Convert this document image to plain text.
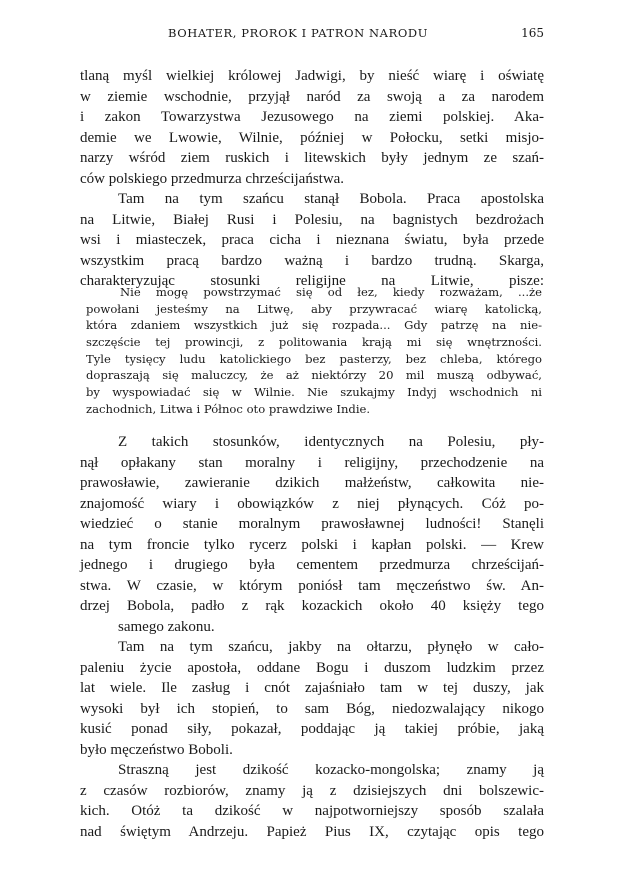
BOHATER, PROROK I PATRON NARODU	165
tlaną myśl wielkiej królowej Jadwigi, by nieść wiarę i oświatę
w ziemie wschodnie, przyjął naród za swoją a za narodem
i zakon Towarzystwa Jezusowego na ziemi polskiej. Aka-
demie we Lwowie, Wilnie, później w Połocku, setki misjo-
narzy wśród ziem ruskich i litewskich były jednym ze szań-
ców polskiego przedmurza chrześcijaństwa.
Tam na tym szańcu stanął Bobola. Praca apostolska
na Litwie, Białej Rusi i Polesiu, na bagnistych bezdrożach
wsi i miasteczek, praca cicha i nieznana światu, była przede
wszystkim pracą bardzo ważną i bardzo trudną. Skarga,
charakteryzując stosunki religijne na Litwie, pisze:
Nie mogę powstrzymać się od łez, kiedy rozważam, ...że
powołani jesteśmy na Litwę, aby przywracać wiarę katolicką,
która zdaniem wszystkich już się rozpada... Gdy patrzę na nie-
szczęście tej prowincji, z politowania krają mi się wnętrzności.
Tyle tysięcy ludu katolickiego bez pasterzy, bez chleba, którego
dopraszają się maluczcy, że aż niektórzy 20 mil muszą odbywać,
by wyspowiadać się w Wilnie. Nie szukajmy Indyj wschodnich ni
zachodnich, Litwa i Północ oto prawdziwe Indie.
Z takich stosunków, identycznych na Polesiu, pły-
nął opłakany stan moralny i religijny, przechodzenie na
prawosławie, zawieranie dzikich małżeństw, całkowita nie-
znajomość wiary i obowiązków z niej płynących. Cóż po-
wiedzieć o stanie moralnym prawosławnej ludności! Stanęli
na tym froncie tylko rycerz polski i kapłan polski. — Krew
jednego i drugiego była cementem przedmurza chrześcijań-
stwa. W czasie, w którym poniósł tam męczeństwo św. An-
drzej Bobola, padło z rąk kozackich około 40 księży tego
samego zakonu.
Tam na tym szańcu, jakby na ołtarzu, płynęło w cało-
paleniu życie apostoła, oddane Bogu i duszom ludzkim przez
lat wiele. Ile zasług i cnót zajaśniało tam w tej duszy, jak
wysoki był ich stopień, to sam Bóg, niedozwalający nikogo
kusić ponad siły, pokazał, poddając ją takiej próbie, jaką
było męczeństwo Boboli.
Straszną jest dzikość kozacko-mongolska; znamy ją
z czasów rozbiorów, znamy ją z dzisiejszych dni bolszewic-
kich. Otóż ta dzikość w najpotworniejszy sposób szalała
nad świętym Andrzeju. Papież Pius IX, czytając opis tego
